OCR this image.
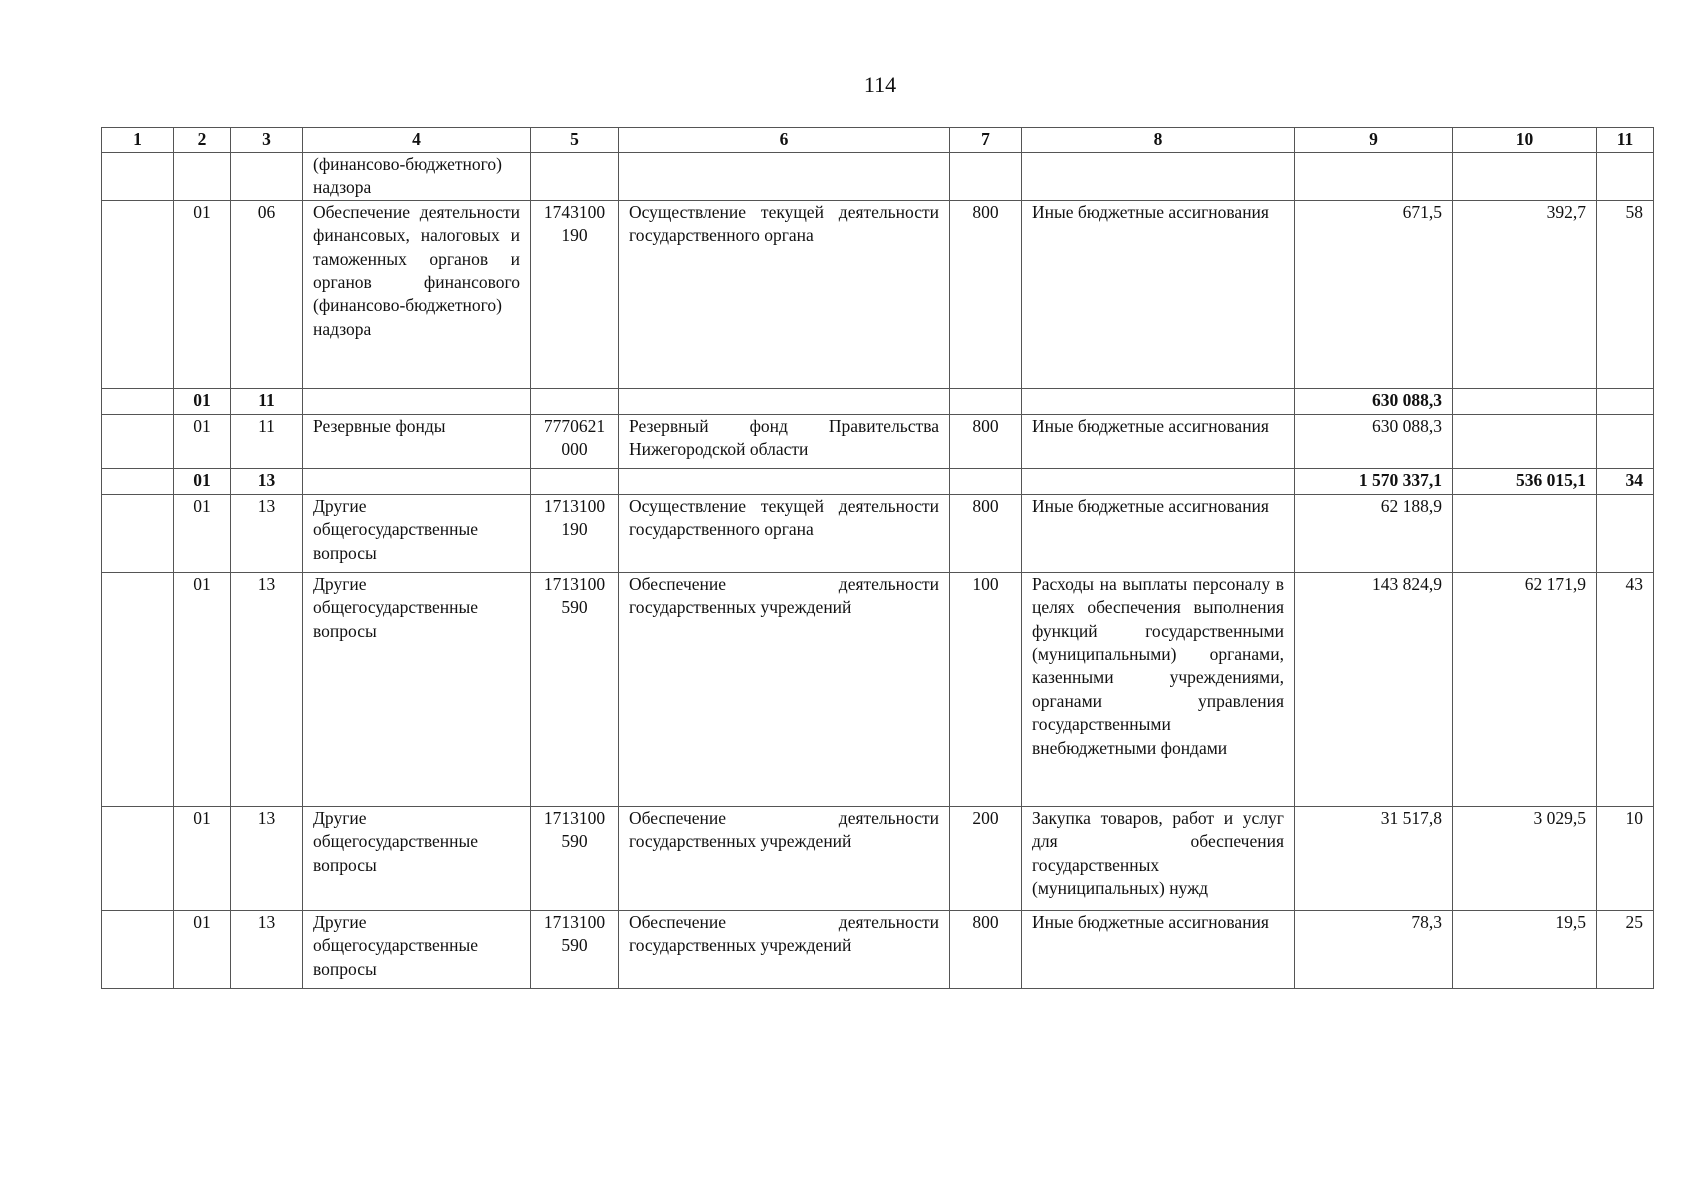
114
1	2	3	4	5	6	7	8	9	10	11
			(финансово-бюджетного) надзора							
	01	06	Обеспечение деятельности финансовых, налоговых и таможенных органов и органов финансового (финансово-бюджетного) надзора	1743100190	Осуществление текущей деятельности государственного органа	800	Иные бюджетные ассигнования	671,5	392,7	58
	01	11						630 088,3		
	01	11	Резервные фонды	7770621000	Резервный фонд Правительства Нижегородской области	800	Иные бюджетные ассигнования	630 088,3		
	01	13						1 570 337,1	536 015,1	34
	01	13	Другие общегосударственные вопросы	1713100190	Осуществление текущей деятельности государственного органа	800	Иные бюджетные ассигнования	62 188,9		
	01	13	Другие общегосударственные вопросы	1713100590	Обеспечение деятельности государственных учреждений	100	Расходы на выплаты персоналу в целях обеспечения выполнения функций государственными (муниципальными) органами, казенными учреждениями, органами управления государственными внебюджетными фондами	143 824,9	62 171,9	43
	01	13	Другие общегосударственные вопросы	1713100590	Обеспечение деятельности государственных учреждений	200	Закупка товаров, работ и услуг для обеспечения государственных (муниципальных) нужд	31 517,8	3 029,5	10
	01	13	Другие общегосударственные вопросы	1713100590	Обеспечение деятельности государственных учреждений	800	Иные бюджетные ассигнования	78,3	19,5	25
